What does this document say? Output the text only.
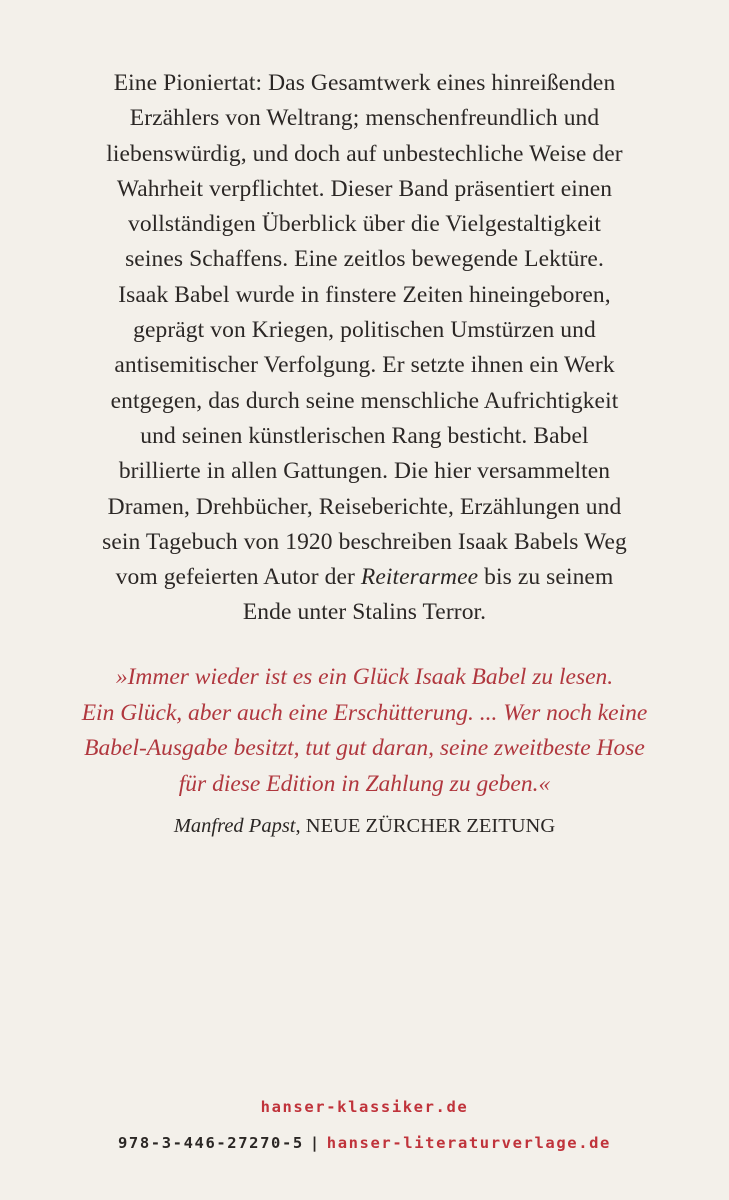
Eine Pioniertat: Das Gesamtwerk eines hinreißenden
Erzählers von Weltrang; menschenfreundlich und
liebenswürdig, und doch auf unbestechliche Weise der
Wahrheit verpflichtet. Dieser Band präsentiert einen
vollständigen Überblick über die Vielgestaltigkeit
seines Schaffens. Eine zeitlos bewegende Lektüre.
Isaak Babel wurde in finstere Zeiten hineingeboren,
geprägt von Kriegen, politischen Umstürzen und
antisemitischer Verfolgung. Er setzte ihnen ein Werk
entgegen, das durch seine menschliche Aufrichtigkeit
und seinen künstlerischen Rang besticht. Babel
brillierte in allen Gattungen. Die hier versammelten
Dramen, Drehbücher, Reiseberichte, Erzählungen und
sein Tagebuch von 1920 beschreiben Isaak Babels Weg
vom gefeierten Autor der Reiterarmee bis zu seinem
Ende unter Stalins Terror.
»Immer wieder ist es ein Glück Isaak Babel zu lesen.
Ein Glück, aber auch eine Erschütterung. ... Wer noch keine
Babel-Ausgabe besitzt, tut gut daran, seine zweitbeste Hose
für diese Edition in Zahlung zu geben.«
Manfred Papst, NEUE ZÜRCHER ZEITUNG
hanser-klassiker.de
978-3-446-27270-5 | hanser-literaturverlage.de
